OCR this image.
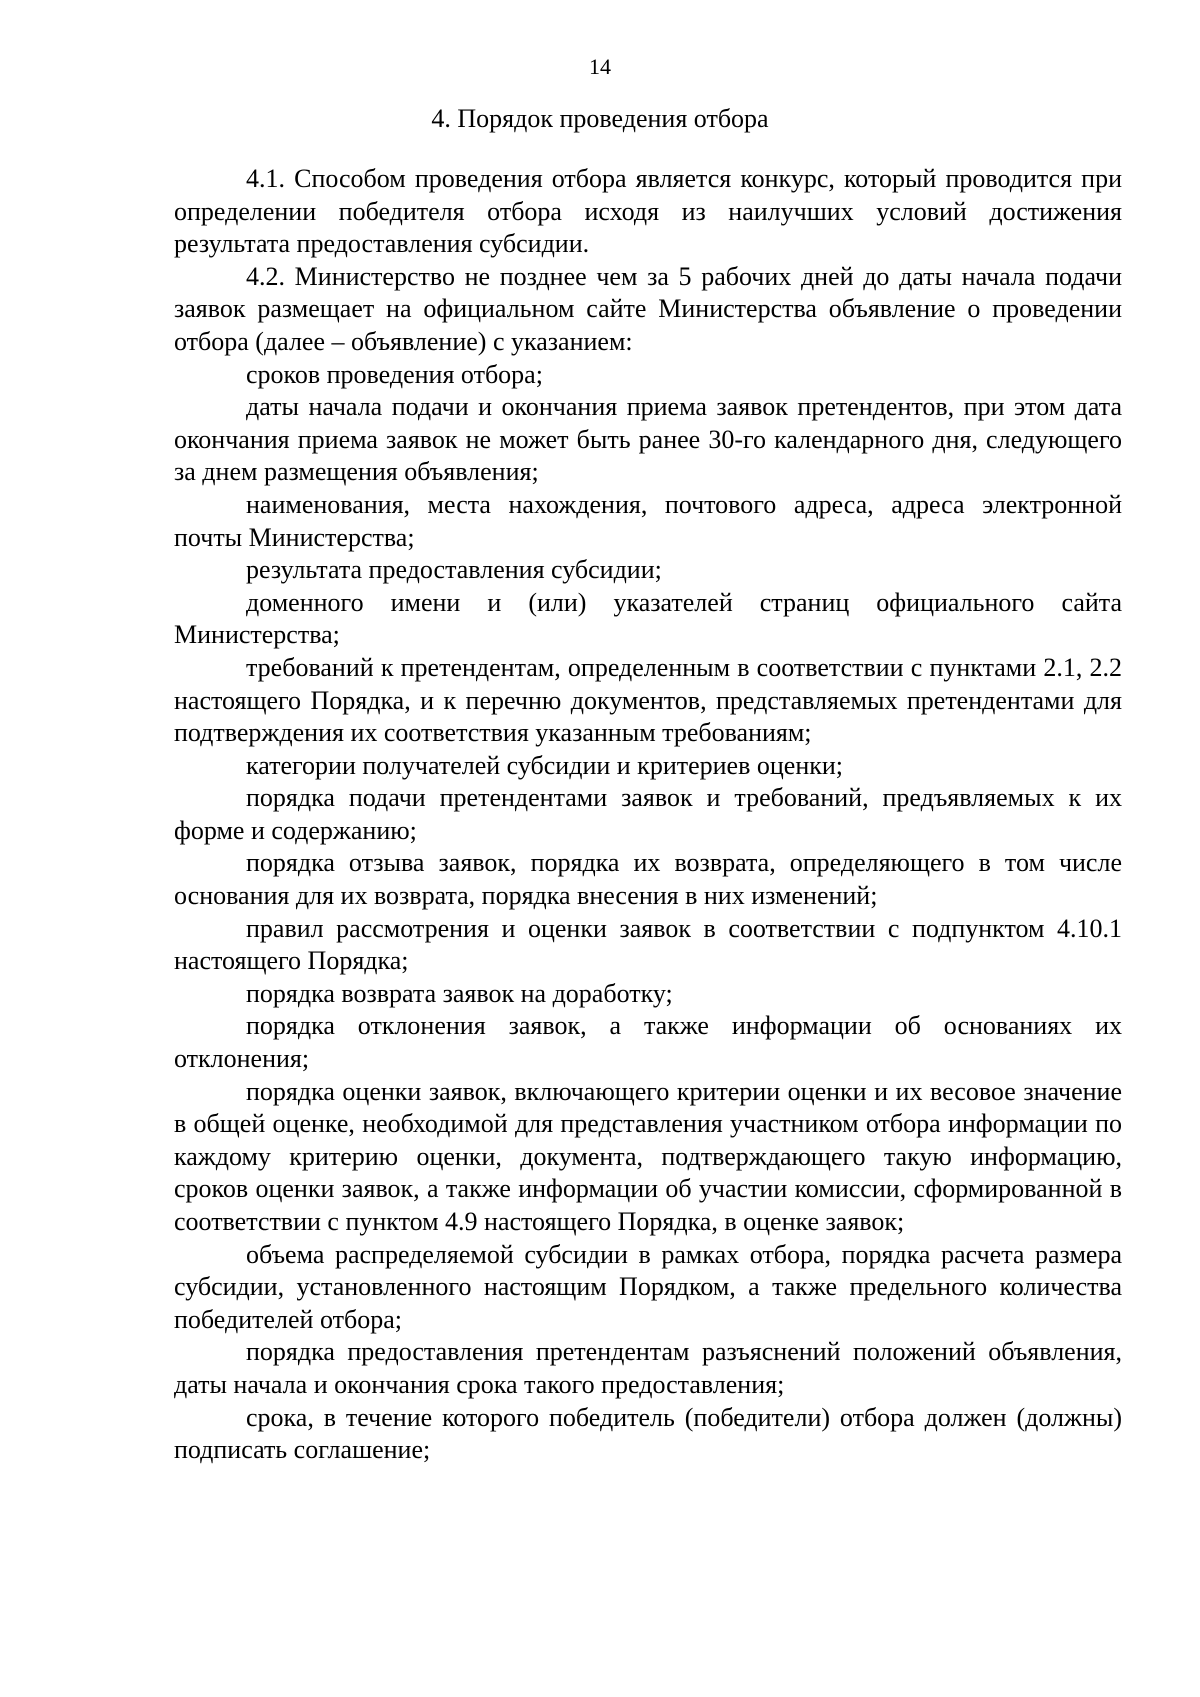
14
4. Порядок проведения отбора

4.1. Способом проведения отбора является конкурс, который проводится при определении победителя отбора исходя из наилучших условий достижения результата предоставления субсидии.

4.2. Министерство не позднее чем за 5 рабочих дней до даты начала подачи заявок размещает на официальном сайте Министерства объявление о проведении отбора (далее – объявление) с указанием:

сроков проведения отбора;

даты начала подачи и окончания приема заявок претендентов, при этом дата окончания приема заявок не может быть ранее 30-го календарного дня, следующего за днем размещения объявления;

наименования, места нахождения, почтового адреса, адреса электронной почты Министерства;

результата предоставления субсидии;

доменного имени и (или) указателей страниц официального сайта Министерства;

требований к претендентам, определенным в соответствии с пунктами 2.1, 2.2 настоящего Порядка, и к перечню документов, представляемых претендентами для подтверждения их соответствия указанным требованиям;

категории получателей субсидии и критериев оценки;

порядка подачи претендентами заявок и требований, предъявляемых к их форме и содержанию;

порядка отзыва заявок, порядка их возврата, определяющего в том числе основания для их возврата, порядка внесения в них изменений;

правил рассмотрения и оценки заявок в соответствии с подпунктом 4.10.1 настоящего Порядка;

порядка возврата заявок на доработку;

порядка отклонения заявок, а также информации об основаниях их отклонения;

порядка оценки заявок, включающего критерии оценки и их весовое значение в общей оценке, необходимой для представления участником отбора информации по каждому критерию оценки, документа, подтверждающего такую информацию, сроков оценки заявок, а также информации об участии комиссии, сформированной в соответствии с пунктом 4.9 настоящего Порядка, в оценке заявок;

объема распределяемой субсидии в рамках отбора, порядка расчета размера субсидии, установленного настоящим Порядком, а также предельного количества победителей отбора;

порядка предоставления претендентам разъяснений положений объявления, даты начала и окончания срока такого предоставления;

срока, в течение которого победитель (победители) отбора должен (должны) подписать соглашение;
